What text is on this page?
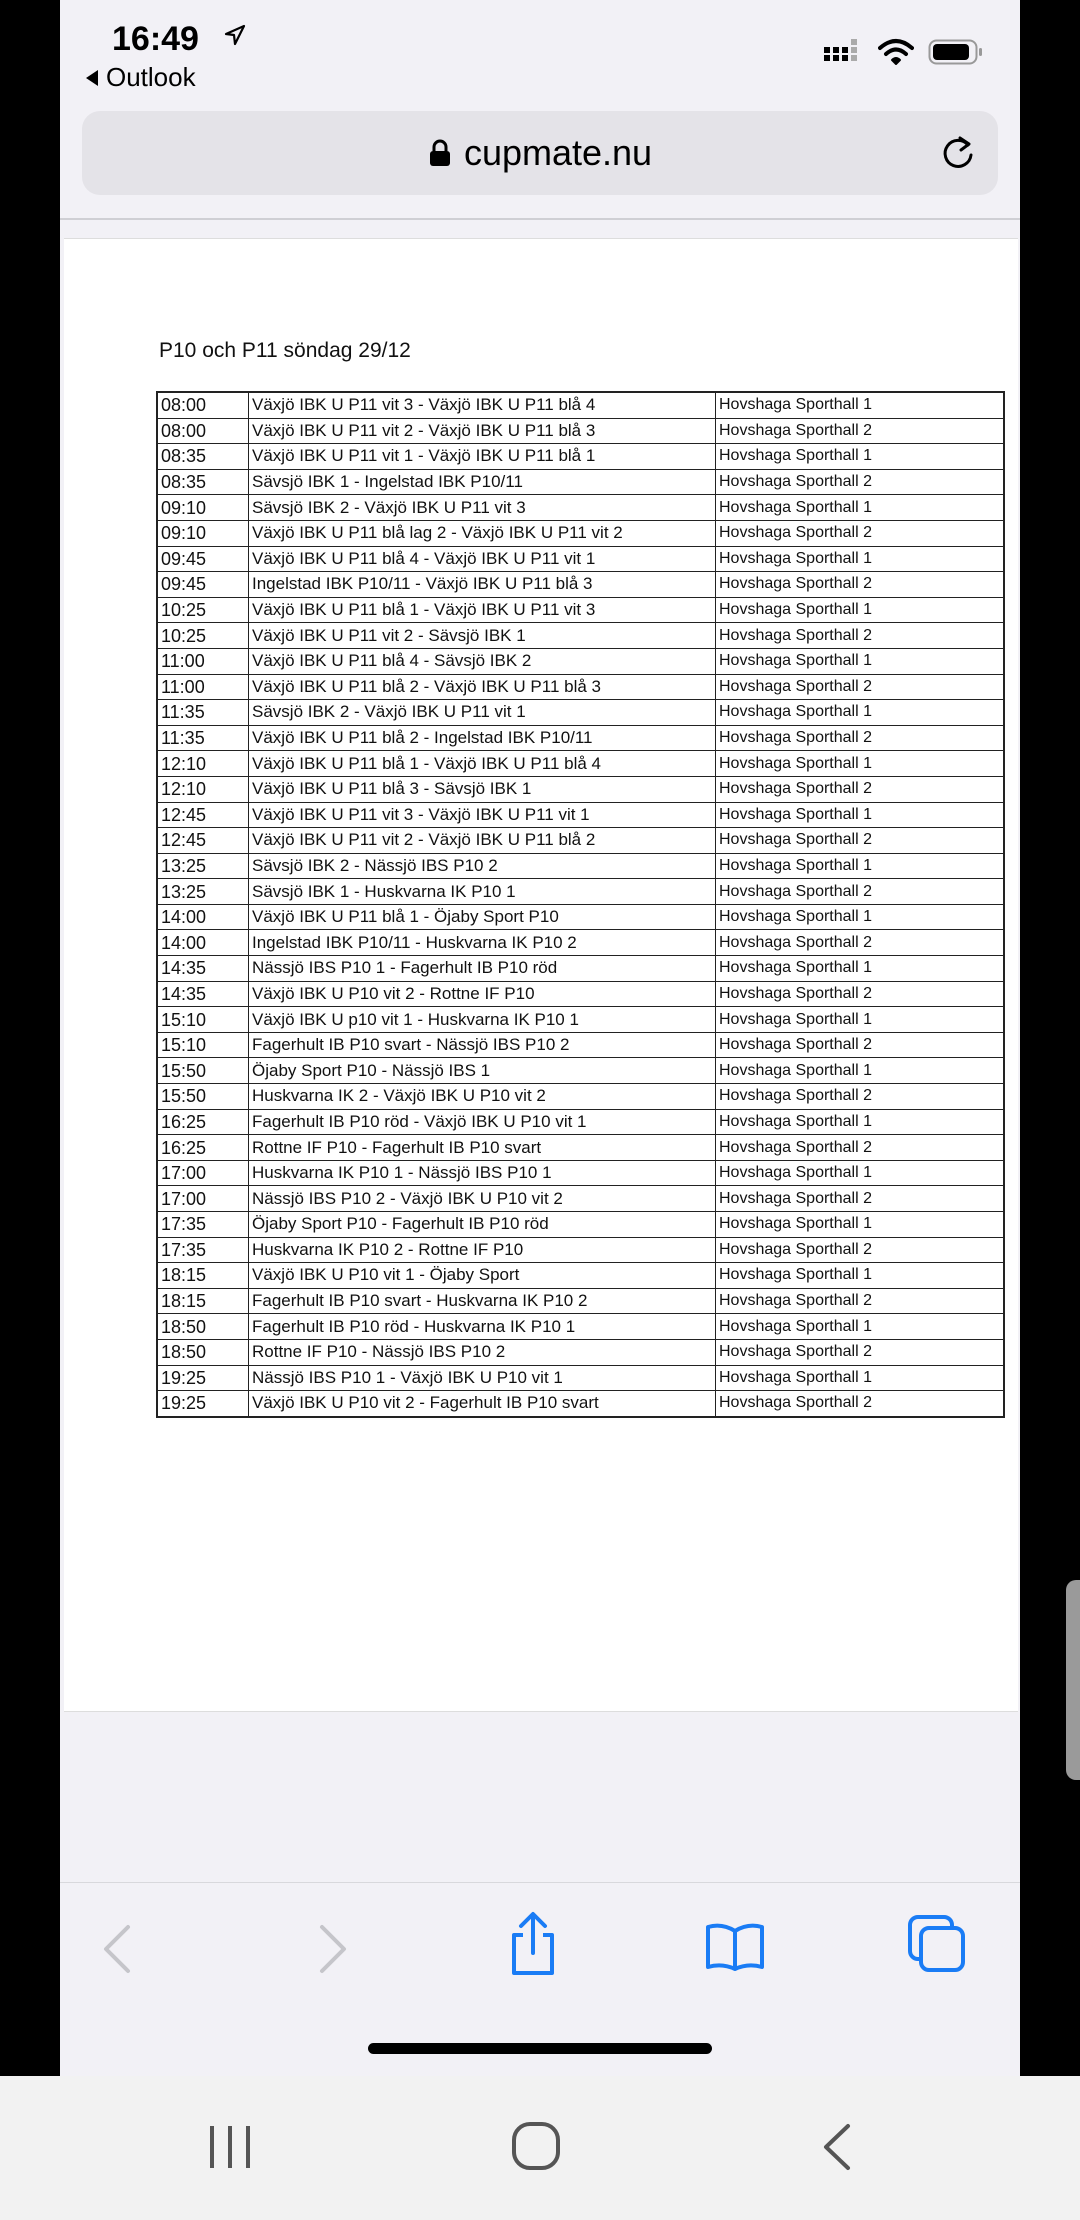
16:49
Outlook
cupmate.nu
P10 och P11 söndag 29/12
08:00	Växjö IBK U P11 vit 3 - Växjö IBK U P11 blå 4	Hovshaga Sporthall 1
08:00	Växjö IBK U P11 vit 2 - Växjö IBK U P11 blå 3	Hovshaga Sporthall 2
08:35	Växjö IBK U P11 vit 1 - Växjö IBK U P11 blå 1	Hovshaga Sporthall 1
08:35	Sävsjö IBK 1 - Ingelstad IBK P10/11	Hovshaga Sporthall 2
09:10	Sävsjö IBK 2 - Växjö IBK U P11 vit 3	Hovshaga Sporthall 1
09:10	Växjö IBK U P11 blå lag 2 - Växjö IBK U P11 vit 2	Hovshaga Sporthall 2
09:45	Växjö IBK U P11 blå 4 - Växjö IBK U P11 vit 1	Hovshaga Sporthall 1
09:45	Ingelstad IBK P10/11 - Växjö IBK U P11 blå 3	Hovshaga Sporthall 2
10:25	Växjö IBK U P11 blå 1 - Växjö IBK U P11 vit 3	Hovshaga Sporthall 1
10:25	Växjö IBK U P11 vit 2 - Sävsjö IBK 1	Hovshaga Sporthall 2
11:00	Växjö IBK U P11 blå 4 - Sävsjö IBK 2	Hovshaga Sporthall 1
11:00	Växjö IBK U P11 blå 2 - Växjö IBK U P11 blå 3	Hovshaga Sporthall 2
11:35	Sävsjö IBK 2 - Växjö IBK U P11 vit 1	Hovshaga Sporthall 1
11:35	Växjö IBK U P11 blå 2 - Ingelstad IBK P10/11	Hovshaga Sporthall 2
12:10	Växjö IBK U P11 blå 1 - Växjö IBK U P11 blå 4	Hovshaga Sporthall 1
12:10	Växjö IBK U P11 blå 3 - Sävsjö IBK 1	Hovshaga Sporthall 2
12:45	Växjö IBK U P11 vit 3 - Växjö IBK U P11 vit 1	Hovshaga Sporthall 1
12:45	Växjö IBK U P11 vit 2 - Växjö IBK U P11 blå 2	Hovshaga Sporthall 2
13:25	Sävsjö IBK 2 - Nässjö IBS P10 2	Hovshaga Sporthall 1
13:25	Sävsjö IBK 1 - Huskvarna IK P10 1	Hovshaga Sporthall 2
14:00	Växjö IBK U P11 blå 1 - Öjaby Sport P10	Hovshaga Sporthall 1
14:00	Ingelstad IBK P10/11 - Huskvarna IK P10 2	Hovshaga Sporthall 2
14:35	Nässjö IBS P10 1 - Fagerhult IB P10 röd	Hovshaga Sporthall 1
14:35	Växjö IBK U P10 vit 2 - Rottne IF P10	Hovshaga Sporthall 2
15:10	Växjö IBK U p10 vit 1 - Huskvarna IK P10 1	Hovshaga Sporthall 1
15:10	Fagerhult IB P10 svart - Nässjö IBS P10 2	Hovshaga Sporthall 2
15:50	Öjaby Sport P10 - Nässjö IBS 1	Hovshaga Sporthall 1
15:50	Huskvarna IK 2 - Växjö IBK U P10 vit 2	Hovshaga Sporthall 2
16:25	Fagerhult IB P10 röd - Växjö IBK U P10 vit 1	Hovshaga Sporthall 1
16:25	Rottne IF P10 - Fagerhult IB P10 svart	Hovshaga Sporthall 2
17:00	Huskvarna IK P10 1 - Nässjö IBS P10 1	Hovshaga Sporthall 1
17:00	Nässjö IBS P10 2 - Växjö IBK U P10 vit 2	Hovshaga Sporthall 2
17:35	Öjaby Sport P10 - Fagerhult IB P10 röd	Hovshaga Sporthall 1
17:35	Huskvarna IK P10 2 - Rottne IF P10	Hovshaga Sporthall 2
18:15	Växjö IBK U P10 vit 1 - Öjaby Sport	Hovshaga Sporthall 1
18:15	Fagerhult IB P10 svart - Huskvarna IK P10 2	Hovshaga Sporthall 2
18:50	Fagerhult IB P10 röd - Huskvarna IK P10 1	Hovshaga Sporthall 1
18:50	Rottne IF P10 - Nässjö IBS P10 2	Hovshaga Sporthall 2
19:25	Nässjö IBS P10 1 - Växjö IBK U P10 vit 1	Hovshaga Sporthall 1
19:25	Växjö IBK U P10 vit 2 - Fagerhult IB P10 svart	Hovshaga Sporthall 2
